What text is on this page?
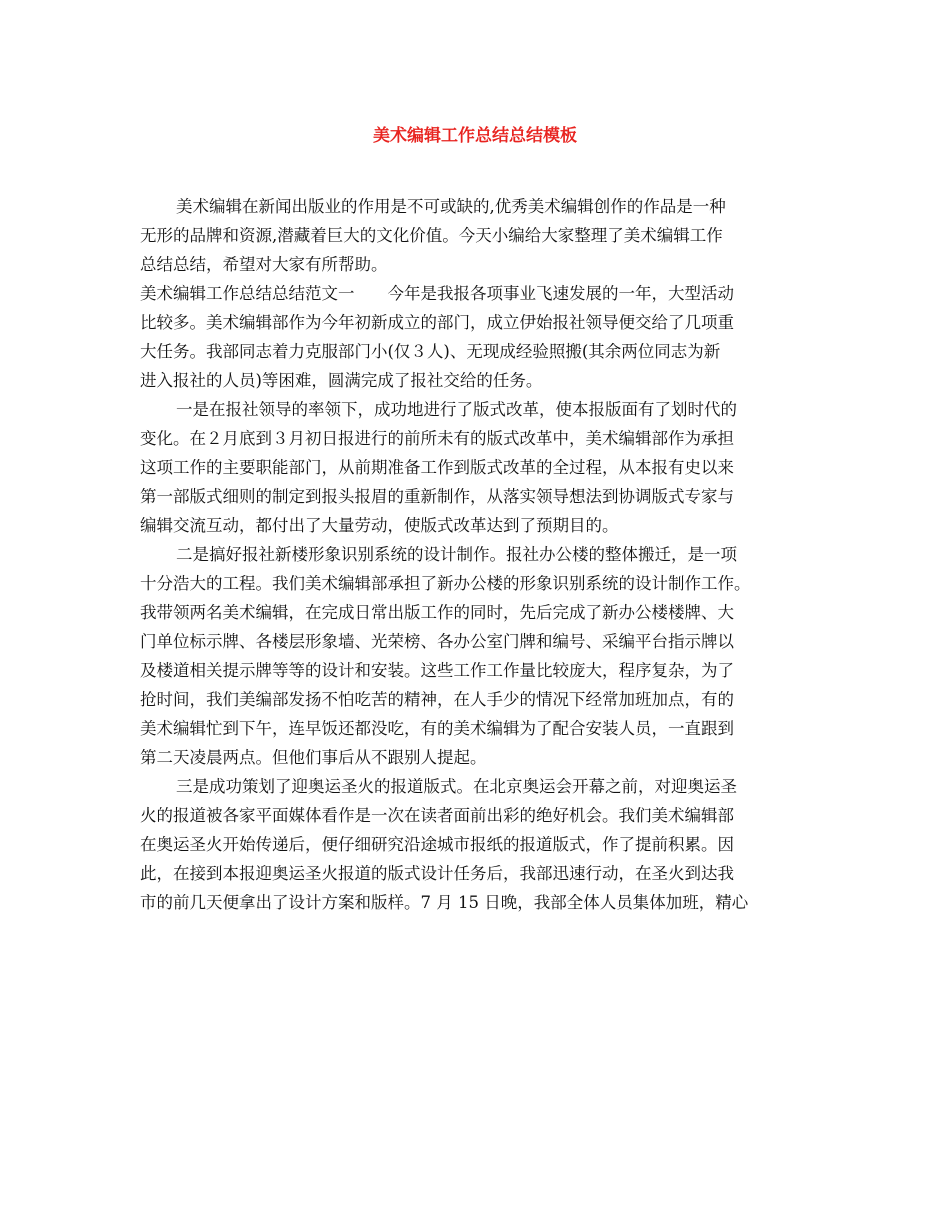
美术编辑工作总结总结模板

美术编辑在新闻出版业的作用是不可或缺的,优秀美术编辑创作的作品是一种

无形的品牌和资源,潜藏着巨大的文化价值。今天小编给大家整理了美术编辑工作

总结总结，希望对大家有所帮助。

美术编辑工作总结总结范文一　　今年是我报各项事业飞速发展的一年，大型活动

比较多。美术编辑部作为今年初新成立的部门，成立伊始报社领导便交给了几项重

大任务。我部同志着力克服部门小(仅３人)、无现成经验照搬(其余两位同志为新

进入报社的人员)等困难，圆满完成了报社交给的任务。

一是在报社领导的率领下，成功地进行了版式改革，使本报版面有了划时代的

变化。在２月底到３月初日报进行的前所未有的版式改革中，美术编辑部作为承担

这项工作的主要职能部门，从前期准备工作到版式改革的全过程，从本报有史以来

第一部版式细则的制定到报头报眉的重新制作，从落实领导想法到协调版式专家与

编辑交流互动，都付出了大量劳动，使版式改革达到了预期目的。

二是搞好报社新楼形象识别系统的设计制作。报社办公楼的整体搬迁，是一项

十分浩大的工程。我们美术编辑部承担了新办公楼的形象识别系统的设计制作工作。

我带领两名美术编辑，在完成日常出版工作的同时，先后完成了新办公楼楼牌、大

门单位标示牌、各楼层形象墙、光荣榜、各办公室门牌和编号、采编平台指示牌以

及楼道相关提示牌等等的设计和安装。这些工作工作量比较庞大，程序复杂，为了

抢时间，我们美编部发扬不怕吃苦的精神，在人手少的情况下经常加班加点，有的

美术编辑忙到下午，连早饭还都没吃，有的美术编辑为了配合安装人员，一直跟到

第二天凌晨两点。但他们事后从不跟别人提起。

三是成功策划了迎奥运圣火的报道版式。在北京奥运会开幕之前，对迎奥运圣

火的报道被各家平面媒体看作是一次在读者面前出彩的绝好机会。我们美术编辑部

在奥运圣火开始传递后，便仔细研究沿途城市报纸的报道版式，作了提前积累。因

此，在接到本报迎奥运圣火报道的版式设计任务后，我部迅速行动，在圣火到达我

市的前几天便拿出了设计方案和版样。7 月 15 日晚，我部全体人员集体加班，精心
